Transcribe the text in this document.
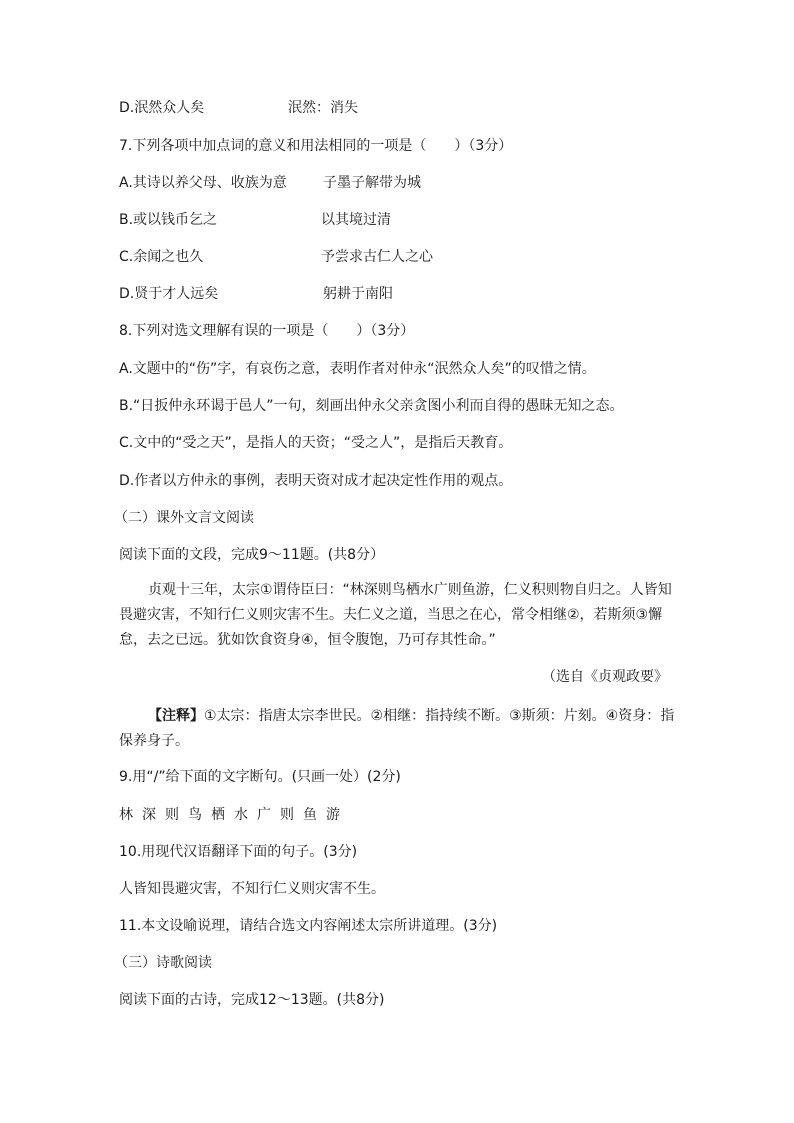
D.泯然众人矣	泯然：消失
7.下列各项中加点词的意义和用法相同的一项是（　　）（3分）
A.其诗以养父母、收族为意	子墨子解带为城
B.或以钱币乞之	以其境过清
C.余闻之也久	予尝求古仁人之心
D.贤于才人远矣	躬耕于南阳
8.下列对选文理解有误的一项是（　　）（3分）
A.文题中的“伤”字，有哀伤之意，表明作者对仲永“泯然众人矣”的叹惜之情。
B.“日扳仲永环谒于邑人”一句，刻画出仲永父亲贪图小利而自得的愚昧无知之态。
C.文中的“受之天”，是指人的天资；“受之人”，是指后天教育。
D.作者以方仲永的事例，表明天资对成才起决定性作用的观点。
（二）课外文言文阅读
阅读下面的文段，完成9～11题。(共8分）
贞观十三年，太宗①谓侍臣曰：“林深则鸟栖水广则鱼游，仁义积则物自归之。人皆知畏避灾害，不知行仁义则灾害不生。夫仁义之道，当思之在心，常令相继②，若斯须③懈怠，去之已远。犹如饮食资身④，恒令腹饱，乃可存其性命。”
（选自《贞观政要》
【注释】①太宗：指唐太宗李世民。②相继：指持续不断。③斯须：片刻。④资身：指保养身子。
9.用“/”给下面的文字断句。(只画一处）(2分)
林深则鸟栖水广则鱼游
10.用现代汉语翻译下面的句子。(3分)
人皆知畏避灾害，不知行仁义则灾害不生。
11.本文设喻说理，请结合选文内容阐述太宗所讲道理。(3分)
（三）诗歌阅读
阅读下面的古诗，完成12～13题。(共8分)
